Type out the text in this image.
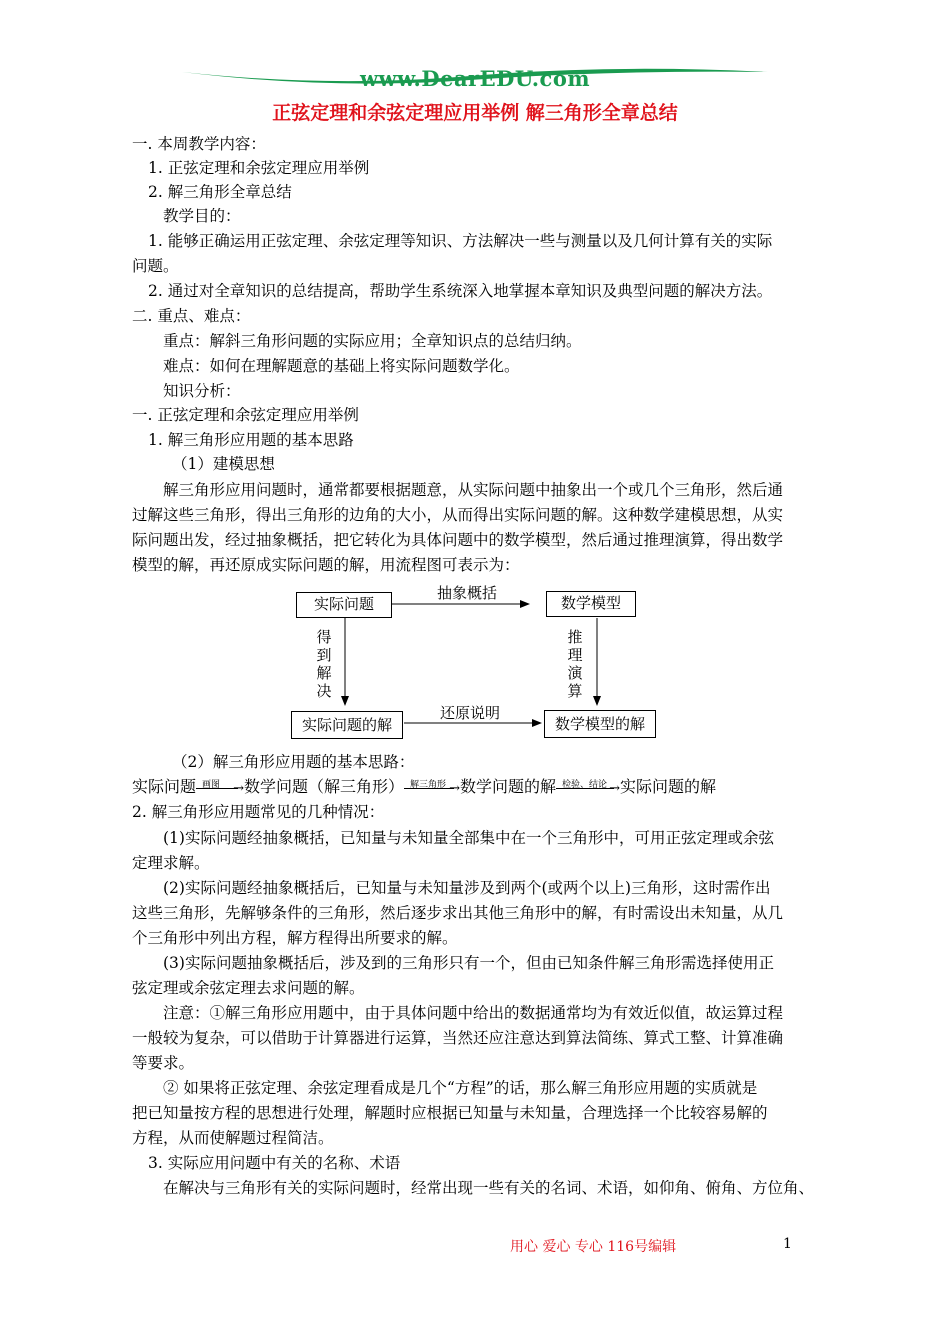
www.DearEDU.com
正弦定理和余弦定理应用举例 解三角形全章总结
一. 本周教学内容：
1. 正弦定理和余弦定理应用举例
2. 解三角形全章总结
教学目的：
1. 能够正确运用正弦定理、余弦定理等知识、方法解决一些与测量以及几何计算有关的实际
问题。
2. 通过对全章知识的总结提高，帮助学生系统深入地掌握本章知识及典型问题的解决方法。
二. 重点、难点：
重点：解斜三角形问题的实际应用；全章知识点的总结归纳。
难点：如何在理解题意的基础上将实际问题数学化。
知识分析：
一. 正弦定理和余弦定理应用举例
1. 解三角形应用题的基本思路
（1）建模思想
解三角形应用问题时，通常都要根据题意，从实际问题中抽象出一个或几个三角形，然后通
过解这些三角形，得出三角形的边角的大小，从而得出实际问题的解。这种数学建模思想，从实
际问题出发，经过抽象概括，把它转化为具体问题中的数学模型，然后通过推理演算，得出数学
模型的解，再还原成实际问题的解，用流程图可表示为：
实际问题	数学模型
实际问题的解	数学模型的解
抽象概括
还原说明
得到解决
推理演算
（2）解三角形应用题的基本思路：
实际问题 画图 → 数学问题（解三角形） 解三角形 → 数学问题的解 检验、结论 → 实际问题的解
2. 解三角形应用题常见的几种情况：
(1)实际问题经抽象概括，已知量与未知量全部集中在一个三角形中，可用正弦定理或余弦
定理求解。
(2)实际问题经抽象概括后，已知量与未知量涉及到两个(或两个以上)三角形，这时需作出
这些三角形，先解够条件的三角形，然后逐步求出其他三角形中的解，有时需设出未知量，从几
个三角形中列出方程，解方程得出所要求的解。
(3)实际问题抽象概括后，涉及到的三角形只有一个，但由已知条件解三角形需选择使用正
弦定理或余弦定理去求问题的解。
注意：①解三角形应用题中，由于具体问题中给出的数据通常均为有效近似值，故运算过程
一般较为复杂，可以借助于计算器进行运算，当然还应注意达到算法简练、算式工整、计算准确
等要求。
② 如果将正弦定理、余弦定理看成是几个“方程”的话，那么解三角形应用题的实质就是
把已知量按方程的思想进行处理，解题时应根据已知量与未知量，合理选择一个比较容易解的
方程，从而使解题过程简洁。
3. 实际应用问题中有关的名称、术语
在解决与三角形有关的实际问题时，经常出现一些有关的名词、术语，如仰角、俯角、方位角、
用心 爱心 专心 116号编辑	1
